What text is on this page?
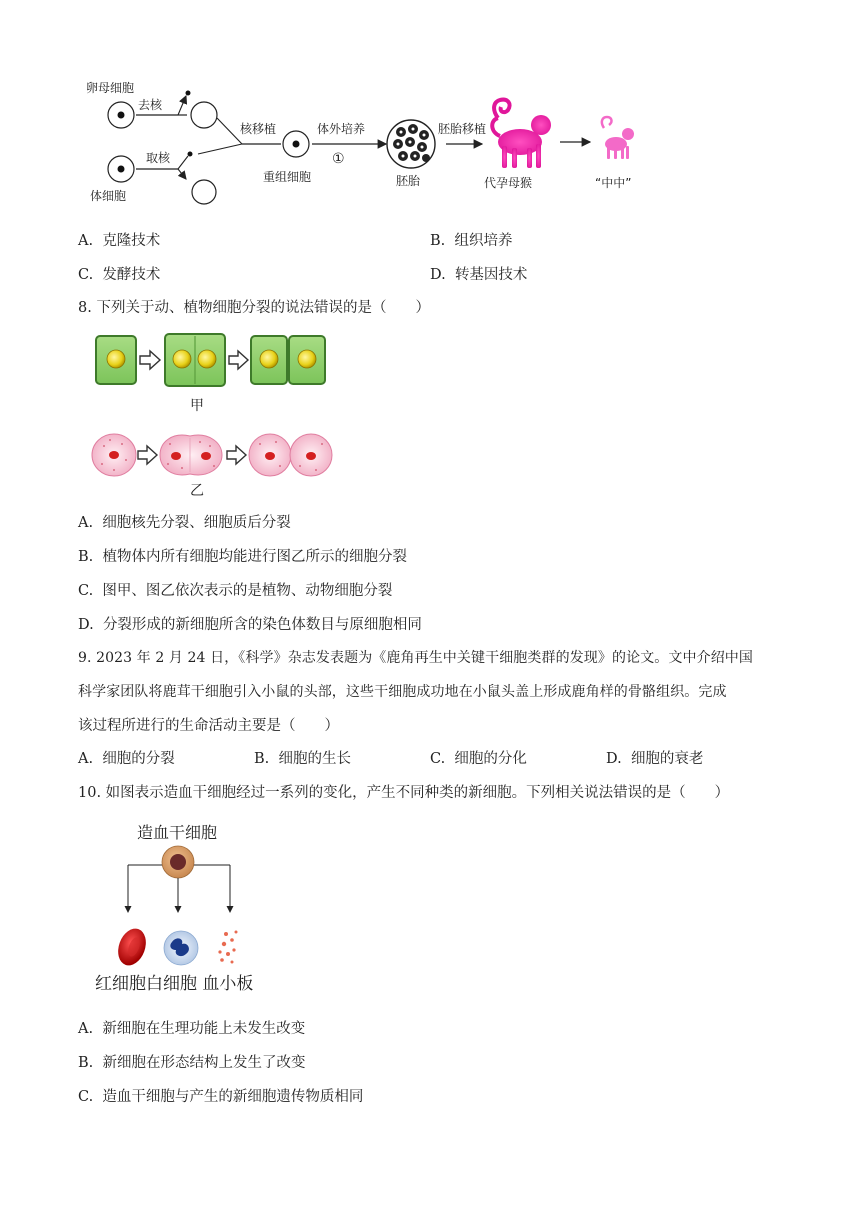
卵母细胞
去核
取核
体细胞
核移植
重组细胞
体外培养
①
胚胎
胚胎移植
代孕母猴	“中中”
A. 克隆技术	B. 组织培养
C. 发酵技术	D. 转基因技术
8. 下列关于动、植物细胞分裂的说法错误的是（　　）
甲
乙
A. 细胞核先分裂、细胞质后分裂
B. 植物体内所有细胞均能进行图乙所示的细胞分裂
C. 图甲、图乙依次表示的是植物、动物细胞分裂
D. 分裂形成的新细胞所含的染色体数目与原细胞相同
9. 2023 年 2 月 24 日，《科学》杂志发表题为《鹿角再生中关键干细胞类群的发现》的论文。文中介绍中国
科学家团队将鹿茸干细胞引入小鼠的头部，这些干细胞成功地在小鼠头盖上形成鹿角样的骨骼组织。完成
该过程所进行的生命活动主要是（　　）
A. 细胞的分裂	B. 细胞的生长	C. 细胞的分化	D. 细胞的衰老
10. 如图表示造血干细胞经过一系列的变化，产生不同种类的新细胞。下列相关说法错误的是（　　）
造血干细胞
红细胞白细胞 血小板
A. 新细胞在生理功能上未发生改变
B. 新细胞在形态结构上发生了改变
C. 造血干细胞与产生的新细胞遗传物质相同
